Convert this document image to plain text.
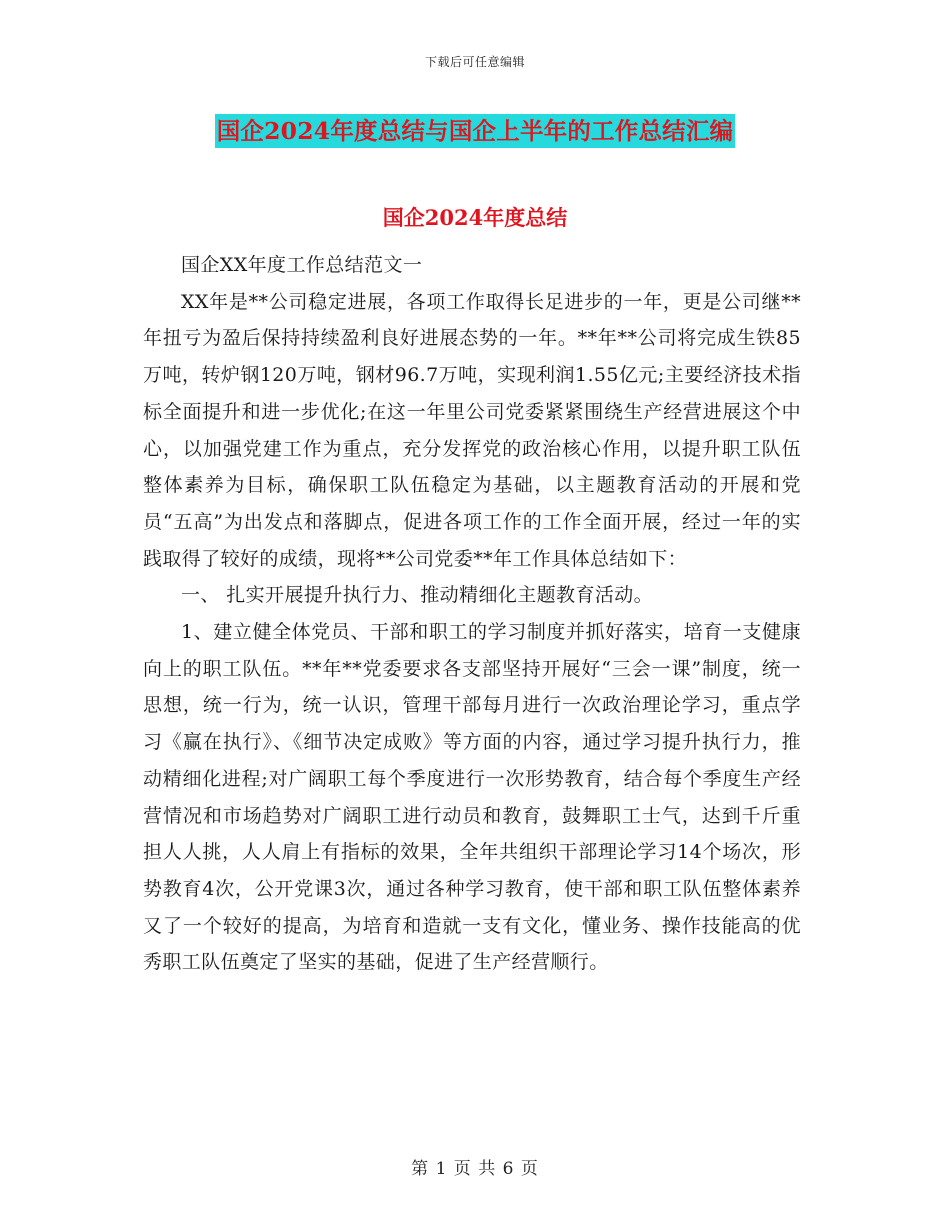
下载后可任意编辑
国企2024年度总结与国企上半年的工作总结汇编
国企2024年度总结

国企XX年度工作总结范文一

XX年是**公司稳定进展，各项工作取得长足进步的一年，更是公司继**年扭亏为盈后保持持续盈利良好进展态势的一年。**年**公司将完成生铁85万吨，转炉钢120万吨，钢材96.7万吨，实现利润1.55亿元;主要经济技术指标全面提升和进一步优化;在这一年里公司党委紧紧围绕生产经营进展这个中心，以加强党建工作为重点，充分发挥党的政治核心作用，以提升职工队伍整体素养为目标，确保职工队伍稳定为基础，以主题教育活动的开展和党员“五高”为出发点和落脚点，促进各项工作的工作全面开展，经过一年的实践取得了较好的成绩，现将**公司党委**年工作具体总结如下：

一、 扎实开展提升执行力、推动精细化主题教育活动。

1、建立健全体党员、干部和职工的学习制度并抓好落实，培育一支健康向上的职工队伍。**年**党委要求各支部坚持开展好“三会一课”制度，统一思想，统一行为，统一认识，管理干部每月进行一次政治理论学习，重点学习《赢在执行》、《细节决定成败》等方面的内容，通过学习提升执行力，推动精细化进程;对广阔职工每个季度进行一次形势教育，结合每个季度生产经营情况和市场趋势对广阔职工进行动员和教育，鼓舞职工士气，达到千斤重担人人挑，人人肩上有指标的效果，全年共组织干部理论学习14个场次，形势教育4次，公开党课3次，通过各种学习教育，使干部和职工队伍整体素养又了一个较好的提高，为培育和造就一支有文化，懂业务、操作技能高的优秀职工队伍奠定了坚实的基础，促进了生产经营顺行。

第 1 页 共 6 页
